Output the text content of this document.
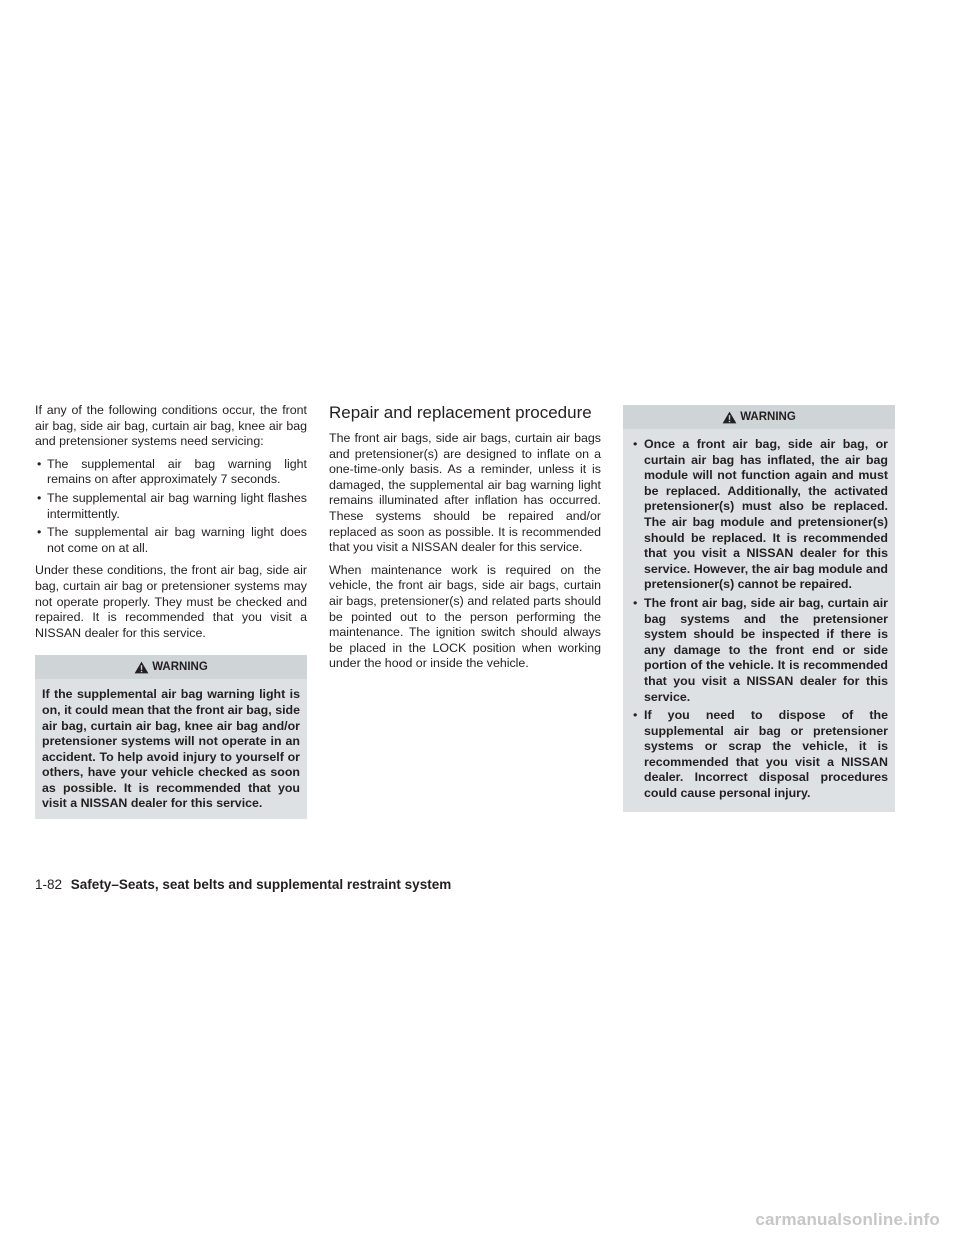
If any of the following conditions occur, the front air bag, side air bag, curtain air bag, knee air bag and pretensioner systems need servicing:

• The supplemental air bag warning light remains on after approximately 7 seconds.
• The supplemental air bag warning light flashes intermittently.
• The supplemental air bag warning light does not come on at all.

Under these conditions, the front air bag, side air bag, curtain air bag or pretensioner systems may not operate properly. They must be checked and repaired. It is recommended that you visit a NISSAN dealer for this service.

WARNING
If the supplemental air bag warning light is on, it could mean that the front air bag, side air bag, curtain air bag, knee air bag and/or pretensioner systems will not operate in an accident. To help avoid injury to yourself or others, have your vehicle checked as soon as possible. It is recommended that you visit a NISSAN dealer for this service.
Repair and replacement procedure

The front air bags, side air bags, curtain air bags and pretensioner(s) are designed to inflate on a one-time-only basis. As a reminder, unless it is damaged, the supplemental air bag warning light remains illuminated after inflation has occurred. These systems should be repaired and/or replaced as soon as possible. It is recommended that you visit a NISSAN dealer for this service.

When maintenance work is required on the vehicle, the front air bags, side air bags, curtain air bags, pretensioner(s) and related parts should be pointed out to the person performing the maintenance. The ignition switch should always be placed in the LOCK position when working under the hood or inside the vehicle.

WARNING
• Once a front air bag, side air bag, or curtain air bag has inflated, the air bag module will not function again and must be replaced. Additionally, the activated pretensioner(s) must also be replaced. The air bag module and pretensioner(s) should be replaced. It is recommended that you visit a NISSAN dealer for this service. However, the air bag module and pretensioner(s) cannot be repaired.
• The front air bag, side air bag, curtain air bag systems and the pretensioner system should be inspected if there is any damage to the front end or side portion of the vehicle. It is recommended that you visit a NISSAN dealer for this service.
• If you need to dispose of the supplemental air bag or pretensioner systems or scrap the vehicle, it is recommended that you visit a NISSAN dealer. Incorrect disposal procedures could cause personal injury.
1-82 Safety–Seats, seat belts and supplemental restraint system
carmanualsonline.info
